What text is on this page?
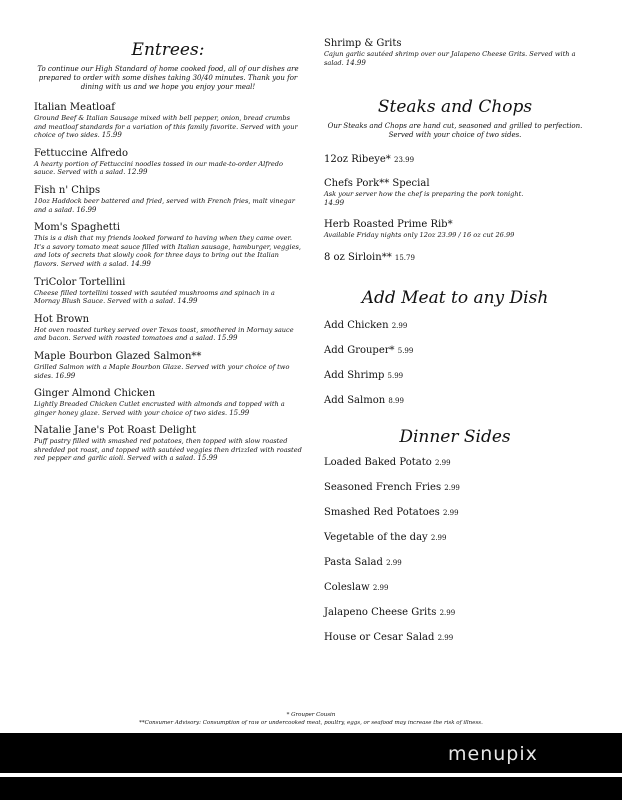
Entrees:
To continue our High Standard of home cooked food, all of our dishes are prepared to order with some dishes taking 30/40 minutes. Thank you for dining with us and we hope you enjoy your meal!
Italian Meatloaf
Ground Beef & Italian Sausage mixed with bell pepper, onion, bread crumbs and meatloaf standards for a variation of this family favorite. Served with your choice of two sides. 15.99
Fettuccine Alfredo
A hearty portion of Fettuccini noodles tossed in our made-to-order Alfredo sauce. Served with a salad. 12.99
Fish n' Chips
10oz Haddock beer battered and fried, served with French fries, malt vinegar and a salad. 16.99
Mom's Spaghetti
This is a dish that my friends looked forward to having when they came over. It's a savory tomato meat sauce filled with Italian sausage, hamburger, veggies, and lots of secrets that slowly cook for three days to bring out the Italian flavors. Served with a salad. 14.99
TriColor Tortellini
Cheese filled tortellini tossed with sautéed mushrooms and spinach in a Mornay Blush Sauce. Served with a salad. 14.99
Hot Brown
Hot oven roasted turkey served over Texas toast, smothered in Mornay sauce and bacon. Served with roasted tomatoes and a salad. 15.99
Maple Bourbon Glazed Salmon**
Grilled Salmon with a Maple Bourbon Glaze. Served with your choice of two sides. 16.99
Ginger Almond Chicken
Lightly Breaded Chicken Cutlet encrusted with almonds and topped with a ginger honey glaze. Served with your choice of two sides. 15.99
Natalie Jane's Pot Roast Delight
Puff pastry filled with smashed red potatoes, then topped with slow roasted shredded pot roast, and topped with sautéed veggies then drizzled with roasted red pepper and garlic aioli. Served with a salad. 15.99
Shrimp & Grits
Cajun garlic sautéed shrimp over our Jalapeno Cheese Grits. Served with a salad. 14.99
Steaks and Chops
Our Steaks and Chops are hand cut, seasoned and grilled to perfection. Served with your choice of two sides.
12oz Ribeye* 23.99
Chefs Pork** Special
Ask your server how the chef is preparing the pork tonight.
14.99
Herb Roasted Prime Rib*
Available Friday nights only 12oz 23.99 / 16 oz cut 26.99
8 oz Sirloin** 15.79
Add Meat to any Dish
Add Chicken 2.99
Add Grouper* 5.99
Add Shrimp 5.99
Add Salmon 8.99
Dinner Sides
Loaded Baked Potato 2.99
Seasoned French Fries 2.99
Smashed Red Potatoes 2.99
Vegetable of the day 2.99
Pasta Salad 2.99
Coleslaw 2.99
Jalapeno Cheese Grits 2.99
House or Cesar Salad 2.99
* Grouper Cousin
**Consumer Advisory: Consumption of raw or undercooked meat, poultry, eggs, or seafood may increase the risk of illness.
menupix
